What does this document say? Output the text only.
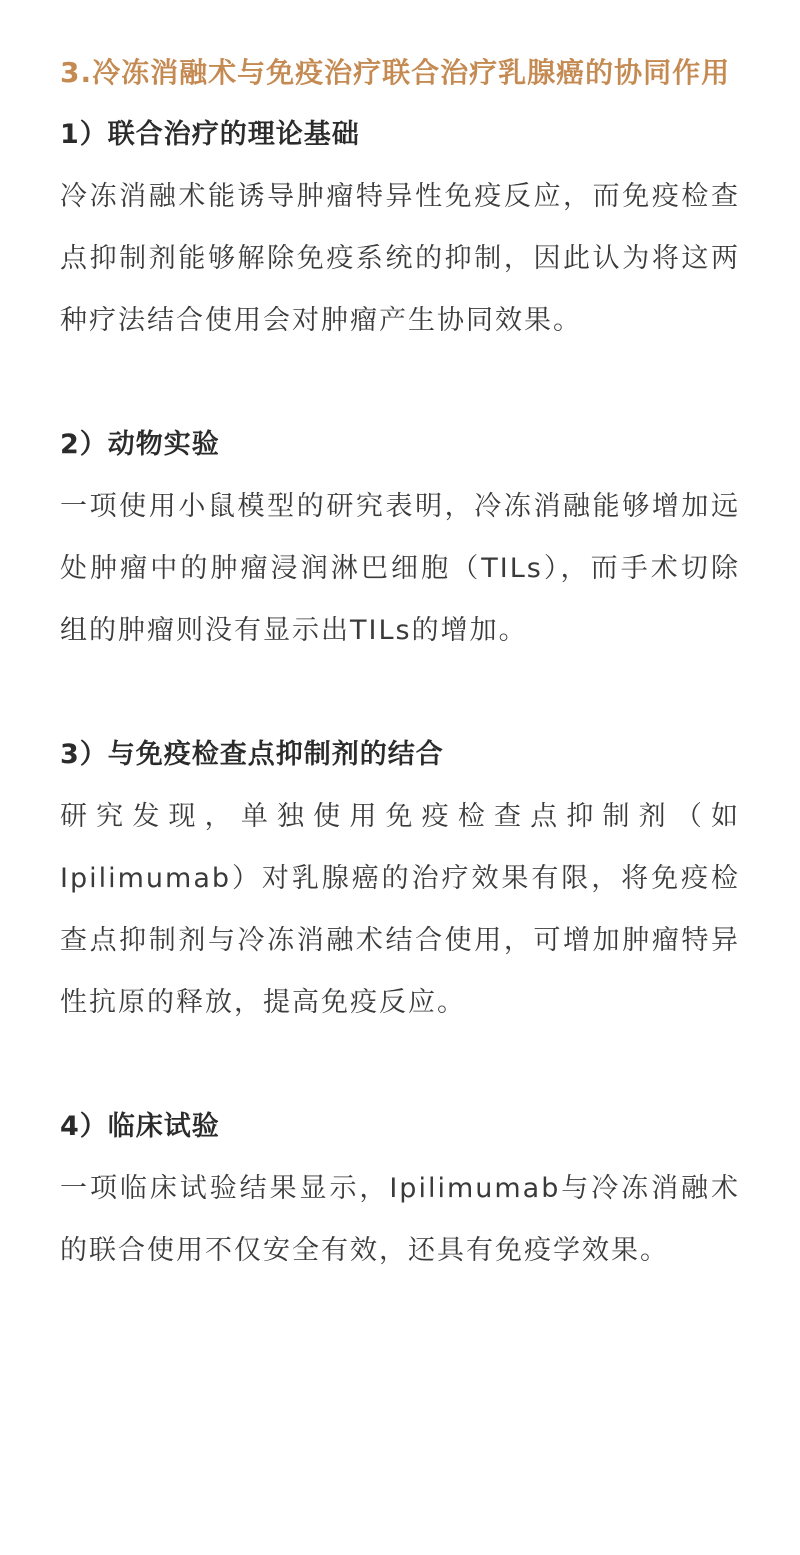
3.冷冻消融术与免疫治疗联合治疗乳腺癌的协同作用
1）联合治疗的理论基础

冷冻消融术能诱导肿瘤特异性免疫反应，而免疫检查点抑制剂能够解除免疫系统的抑制，因此认为将这两种疗法结合使用会对肿瘤产生协同效果。

2）动物实验

一项使用小鼠模型的研究表明，冷冻消融能够增加远处肿瘤中的肿瘤浸润淋巴细胞（TILs），而手术切除组的肿瘤则没有显示出TILs的增加。

3）与免疫检查点抑制剂的结合

研究发现，单独使用免疫检查点抑制剂（如Ipilimumab）对乳腺癌的治疗效果有限，将免疫检查点抑制剂与冷冻消融术结合使用，可增加肿瘤特异性抗原的释放，提高免疫反应。

4）临床试验

一项临床试验结果显示，Ipilimumab与冷冻消融术的联合使用不仅安全有效，还具有免疫学效果。
